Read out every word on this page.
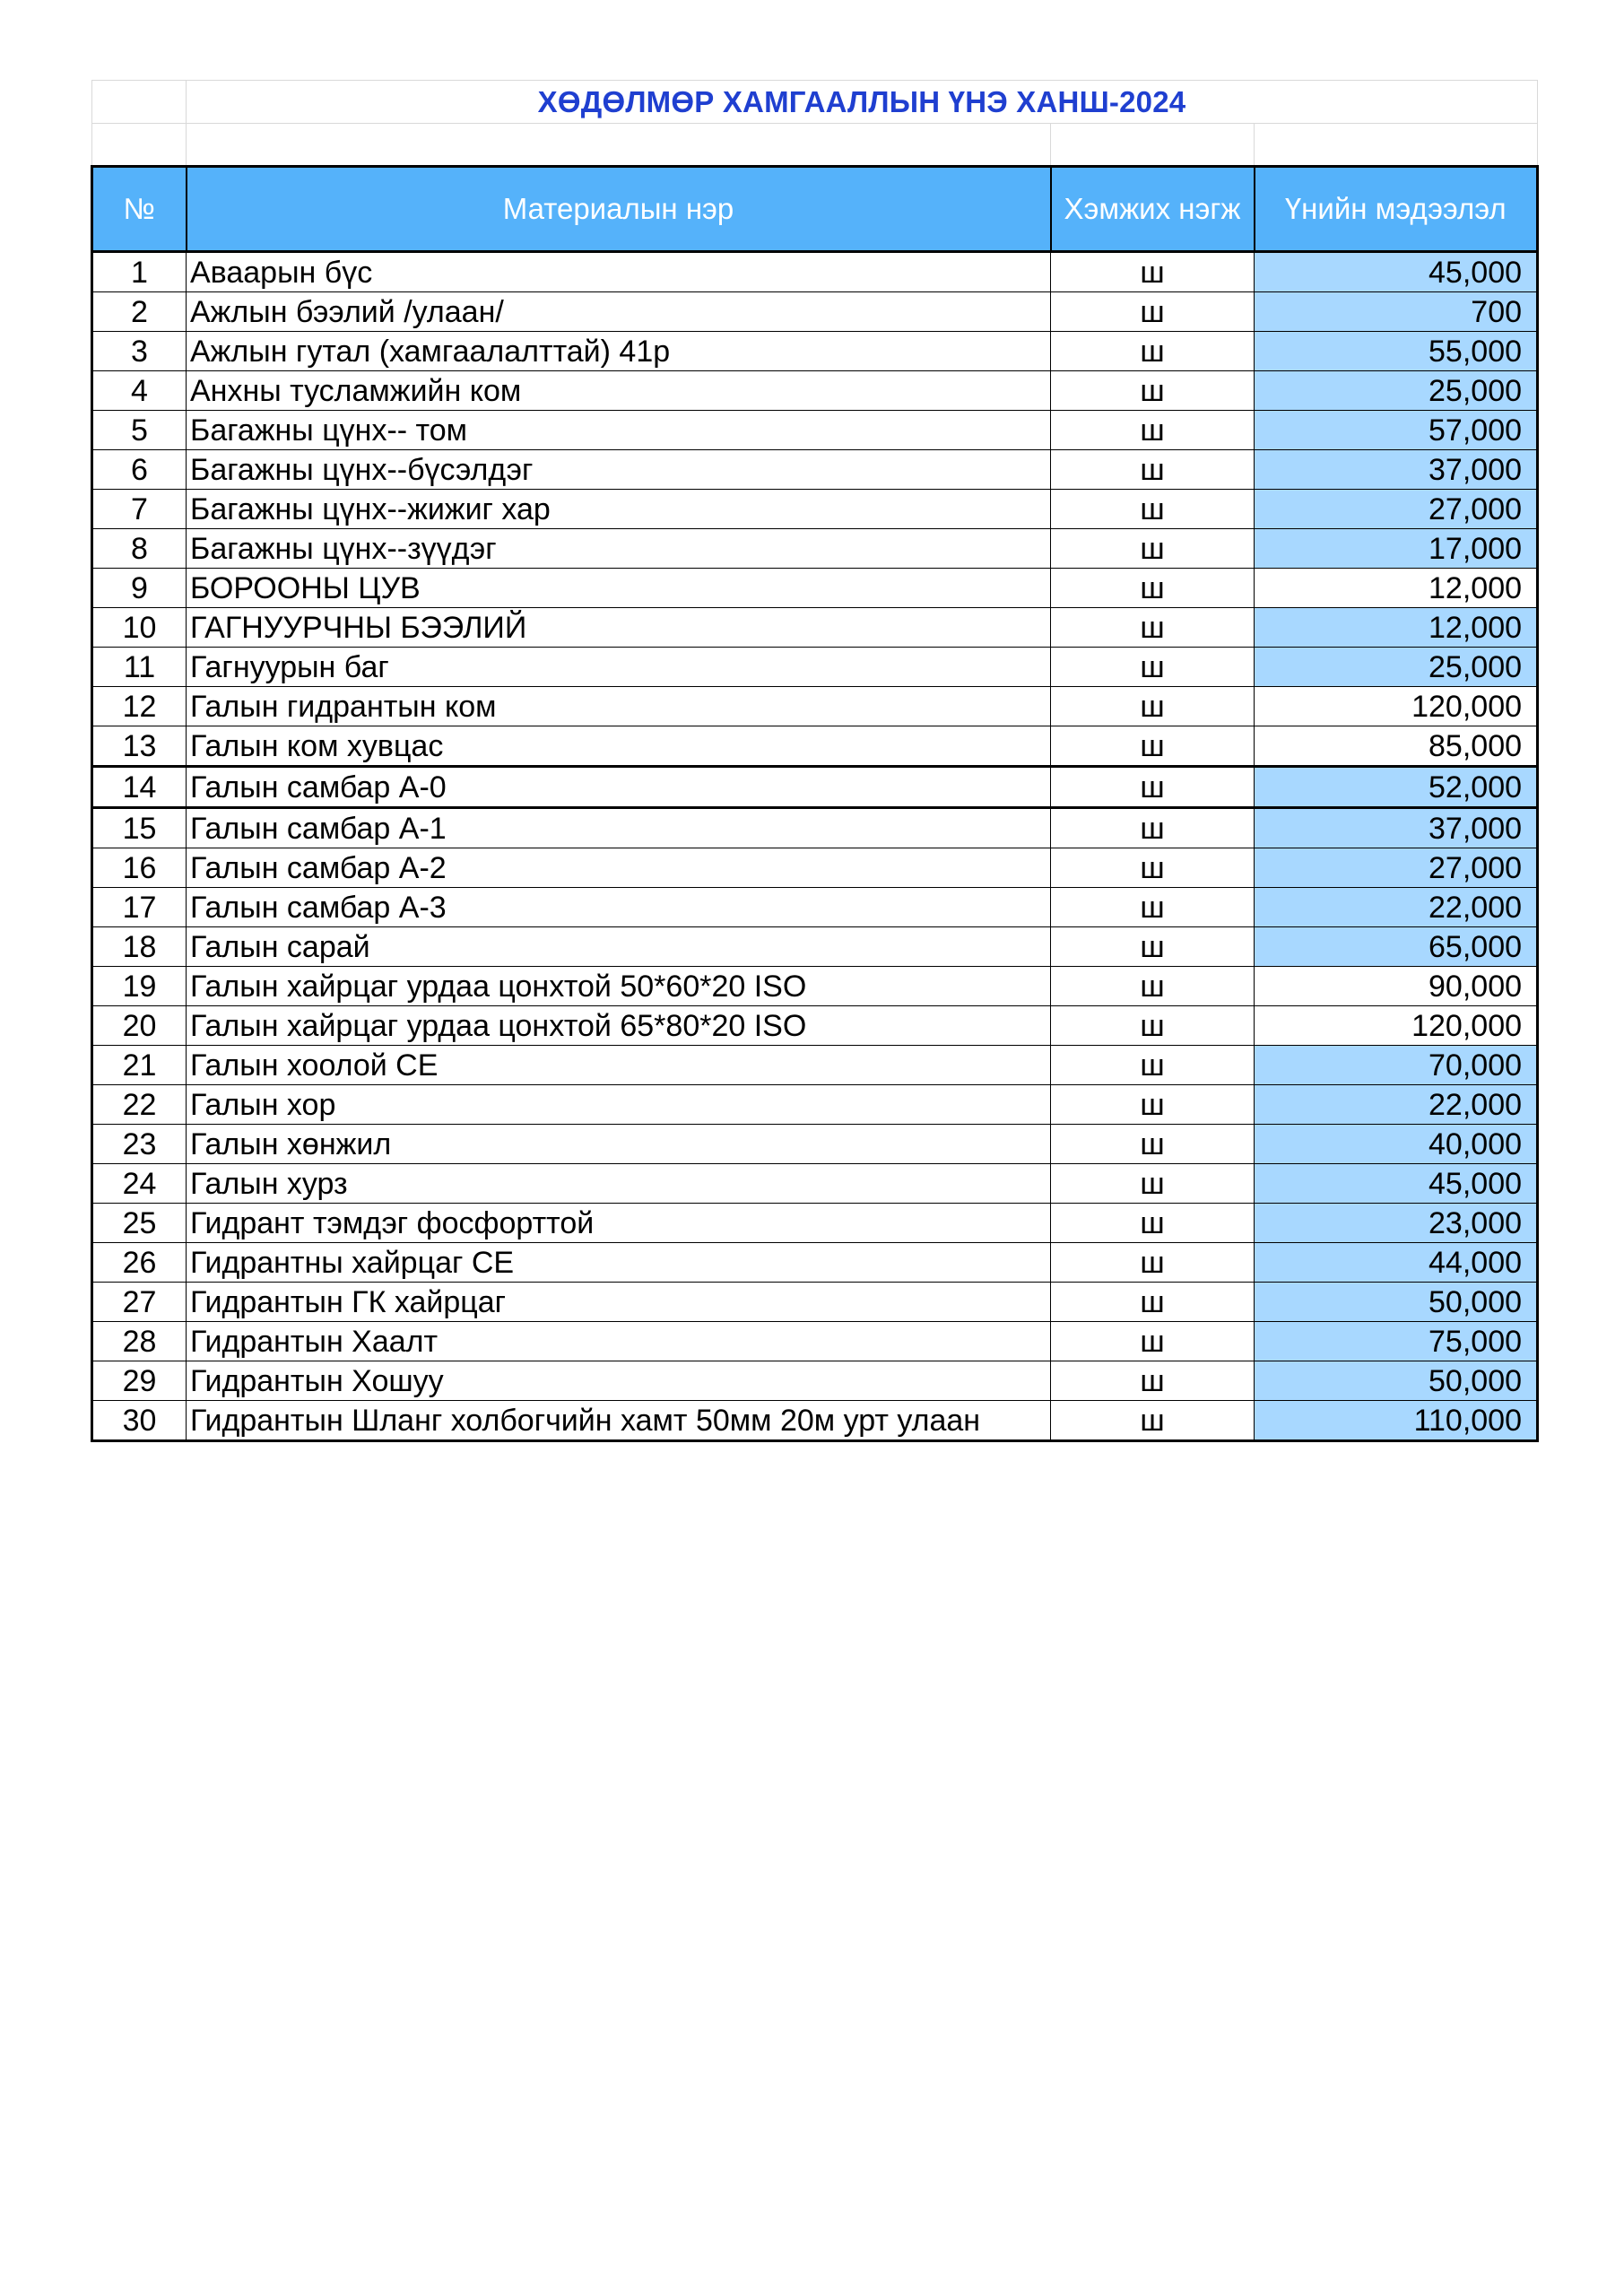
	ХӨДӨЛМӨР ХАМГААЛЛЫН ҮНЭ ХАНШ-2024		

№	Материалын нэр	Хэмжих нэгж	Үнийн мэдээлэл
1	Аваарын бүс	ш	45,000
2	Ажлын бээлий /улаан/	ш	700
3	Ажлын гутал (хамгаалалттай) 41р	ш	55,000
4	Анхны тусламжийн ком	ш	25,000
5	Багажны цүнх-- том	ш	57,000
6	Багажны цүнх--бүсэлдэг	ш	37,000
7	Багажны цүнх--жижиг хар	ш	27,000
8	Багажны цүнх--зүүдэг	ш	17,000
9	БОРООНЫ ЦУВ	ш	12,000
10	ГАГНУУРЧНЫ БЭЭЛИЙ	ш	12,000
11	Гагнуурын баг	ш	25,000
12	Галын гидрантын ком	ш	120,000
13	Галын ком хувцас	ш	85,000
14	Галын самбар А-0	ш	52,000
15	Галын самбар А-1	ш	37,000
16	Галын самбар А-2	ш	27,000
17	Галын самбар А-3	ш	22,000
18	Галын сарай	ш	65,000
19	Галын хайрцаг урдаа цонхтой 50*60*20 ISO	ш	90,000
20	Галын хайрцаг урдаа цонхтой 65*80*20 ISO	ш	120,000
21	Галын хоолой CE	ш	70,000
22	Галын хор	ш	22,000
23	Галын хөнжил	ш	40,000
24	Галын хурз	ш	45,000
25	Гидрант тэмдэг фосфорттой	ш	23,000
26	Гидрантны хайрцаг CE	ш	44,000
27	Гидрантын ГК хайрцаг	ш	50,000
28	Гидрантын Хаалт	ш	75,000
29	Гидрантын Хошуу	ш	50,000
30	Гидрантын Шланг холбогчийн хамт 50мм 20м урт улаан	ш	110,000
